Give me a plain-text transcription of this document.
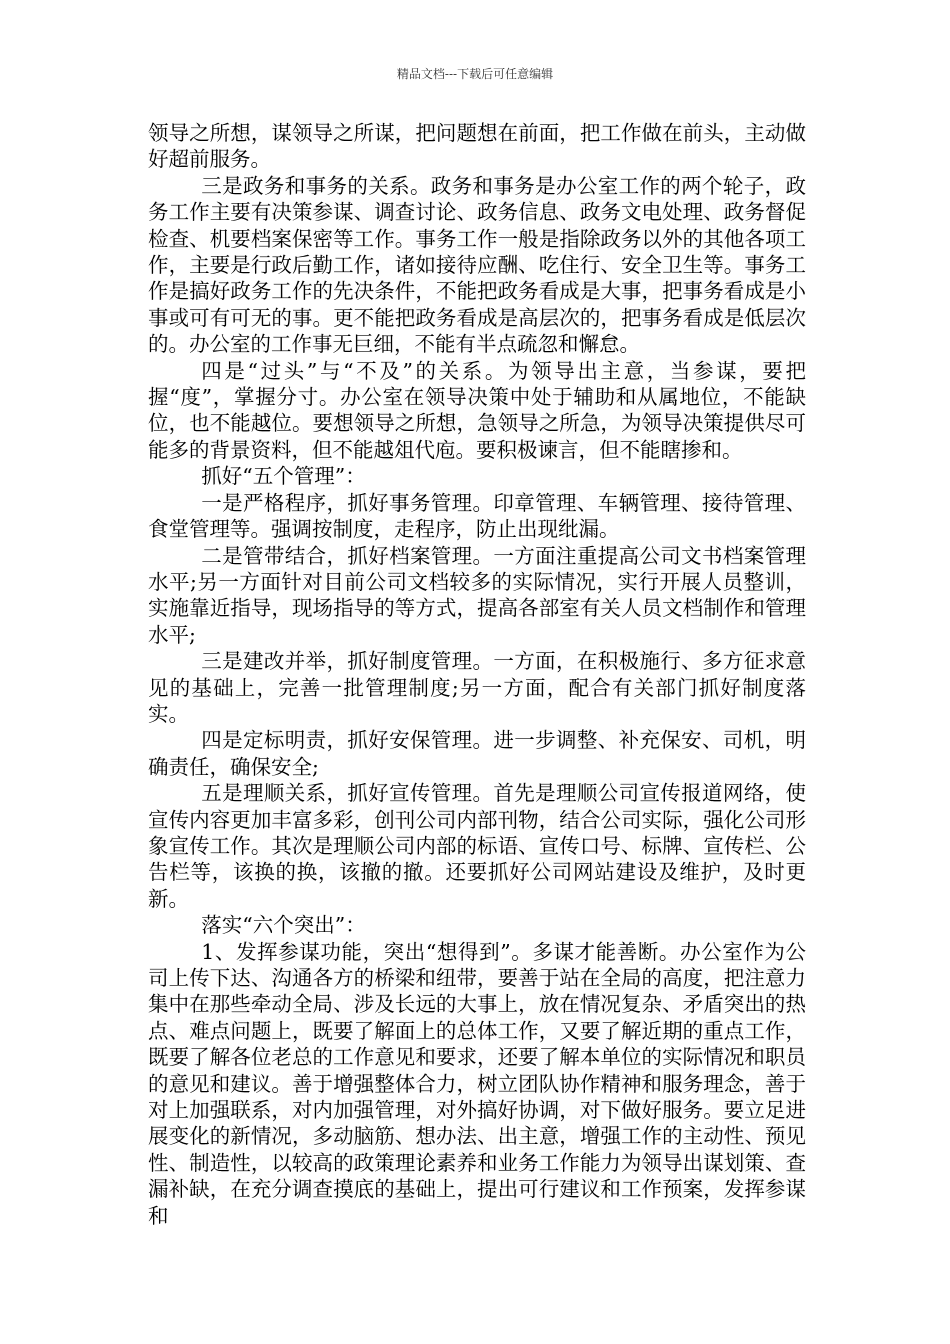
精品文档---下载后可任意编辑

领导之所想，谋领导之所谋，把问题想在前面，把工作做在前头，主动做好超前服务。

三是政务和事务的关系。政务和事务是办公室工作的两个轮子，政务工作主要有决策参谋、调查讨论、政务信息、政务文电处理、政务督促检查、机要档案保密等工作。事务工作一般是指除政务以外的其他各项工作，主要是行政后勤工作，诸如接待应酬、吃住行、安全卫生等。事务工作是搞好政务工作的先决条件，不能把政务看成是大事，把事务看成是小事或可有可无的事。更不能把政务看成是高层次的，把事务看成是低层次的。办公室的工作事无巨细，不能有半点疏忽和懈怠。

四是“过头”与“不及”的关系。为领导出主意，当参谋，要把握“度”，掌握分寸。办公室在领导决策中处于辅助和从属地位，不能缺位，也不能越位。要想领导之所想，急领导之所急，为领导决策提供尽可能多的背景资料，但不能越俎代庖。要积极谏言，但不能瞎掺和。

抓好“五个管理”：

一是严格程序，抓好事务管理。印章管理、车辆管理、接待管理、食堂管理等。强调按制度，走程序，防止出现纰漏。

二是管带结合，抓好档案管理。一方面注重提高公司文书档案管理水平;另一方面针对目前公司文档较多的实际情况，实行开展人员整训，实施靠近指导，现场指导的等方式，提高各部室有关人员文档制作和管理水平;

三是建改并举，抓好制度管理。一方面，在积极施行、多方征求意见的基础上，完善一批管理制度;另一方面，配合有关部门抓好制度落实。

四是定标明责，抓好安保管理。进一步调整、补充保安、司机，明确责任，确保安全;

五是理顺关系，抓好宣传管理。首先是理顺公司宣传报道网络，使宣传内容更加丰富多彩，创刊公司内部刊物，结合公司实际，强化公司形象宣传工作。其次是理顺公司内部的标语、宣传口号、标牌、宣传栏、公告栏等，该换的换，该撤的撤。还要抓好公司网站建设及维护，及时更新。

落实“六个突出”：

1、发挥参谋功能，突出“想得到”。多谋才能善断。办公室作为公司上传下达、沟通各方的桥梁和纽带，要善于站在全局的高度，把注意力集中在那些牵动全局、涉及长远的大事上，放在情况复杂、矛盾突出的热点、难点问题上，既要了解面上的总体工作，又要了解近期的重点工作，既要了解各位老总的工作意见和要求，还要了解本单位的实际情况和职员的意见和建议。善于增强整体合力，树立团队协作精神和服务理念，善于对上加强联系，对内加强管理，对外搞好协调，对下做好服务。要立足进展变化的新情况，多动脑筋、想办法、出主意，增强工作的主动性、预见性、制造性，以较高的政策理论素养和业务工作能力为领导出谋划策、查漏补缺，在充分调查摸底的基础上，提出可行建议和工作预案，发挥参谋和
